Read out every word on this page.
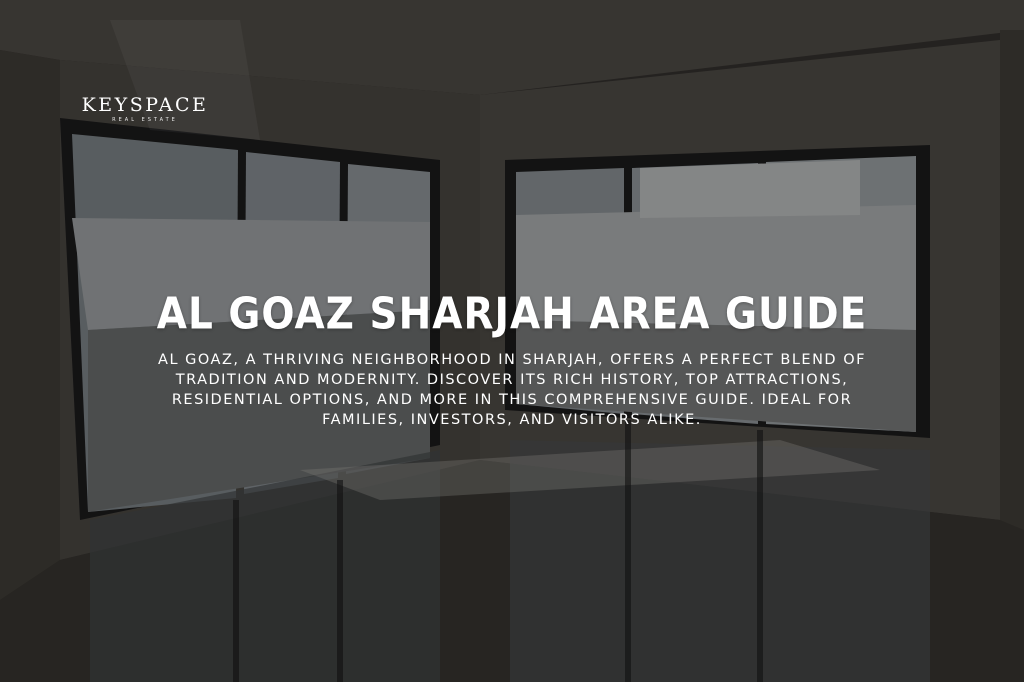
KEYSPACE
REAL ESTATE
AL GOAZ SHARJAH AREA GUIDE
AL GOAZ, A THRIVING NEIGHBORHOOD IN SHARJAH, OFFERS A PERFECT BLEND OF TRADITION AND MODERNITY. DISCOVER ITS RICH HISTORY, TOP ATTRACTIONS, RESIDENTIAL OPTIONS, AND MORE IN THIS COMPREHENSIVE GUIDE. IDEAL FOR FAMILIES, INVESTORS, AND VISITORS ALIKE.
